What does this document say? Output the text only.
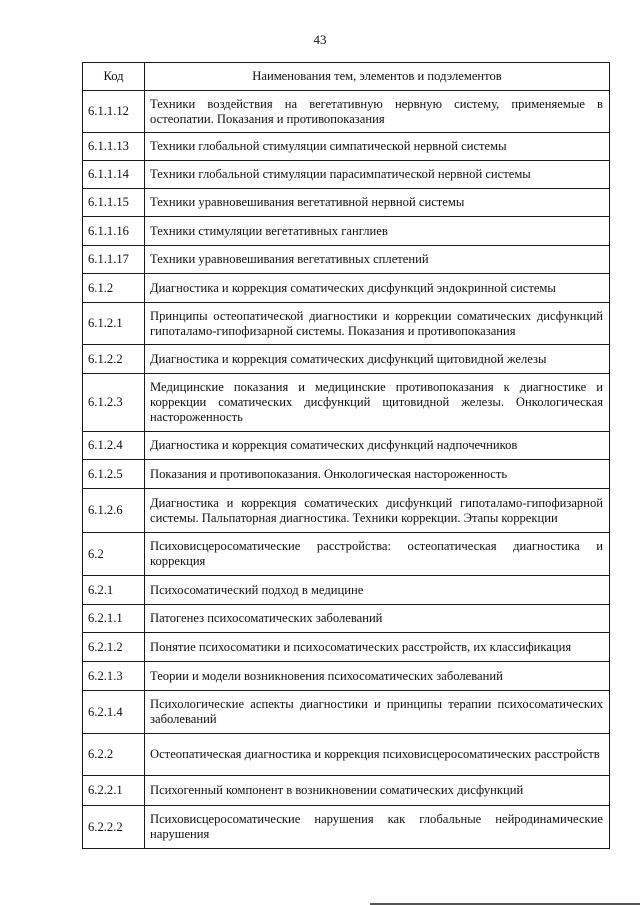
43
Код	Наименования тем, элементов и подэлементов
6.1.1.12	Техники воздействия на вегетативную нервную систему, применяемые в остеопатии. Показания и противопоказания
6.1.1.13	Техники глобальной стимуляции симпатической нервной системы
6.1.1.14	Техники глобальной стимуляции парасимпатической нервной системы
6.1.1.15	Техники уравновешивания вегетативной нервной системы
6.1.1.16	Техники стимуляции вегетативных ганглиев
6.1.1.17	Техники уравновешивания вегетативных сплетений
6.1.2	Диагностика и коррекция соматических дисфункций эндокринной системы
6.1.2.1	Принципы остеопатической диагностики и коррекции соматических дисфункций гипоталамо-гипофизарной системы. Показания и противопоказания
6.1.2.2	Диагностика и коррекция соматических дисфункций щитовидной железы
6.1.2.3	Медицинские показания и медицинские противопоказания к диагностике и коррекции соматических дисфункций щитовидной железы. Онкологическая настороженность
6.1.2.4	Диагностика и коррекция соматических дисфункций надпочечников
6.1.2.5	Показания и противопоказания. Онкологическая настороженность
6.1.2.6	Диагностика и коррекция соматических дисфункций гипоталамо-гипофизарной системы. Пальпаторная диагностика. Техники коррекции. Этапы коррекции
6.2	Психовисцеросоматические расстройства: остеопатическая диагностика и коррекция
6.2.1	Психосоматический подход в медицине
6.2.1.1	Патогенез психосоматических заболеваний
6.2.1.2	Понятие психосоматики и психосоматических расстройств, их классификация
6.2.1.3	Теории и модели возникновения психосоматических заболеваний
6.2.1.4	Психологические аспекты диагностики и принципы терапии психосоматических заболеваний
6.2.2	Остеопатическая диагностика и коррекция психовисцеросоматических расстройств
6.2.2.1	Психогенный компонент в возникновении соматических дисфункций
6.2.2.2	Психовисцеросоматические нарушения как глобальные нейродинамические нарушения
